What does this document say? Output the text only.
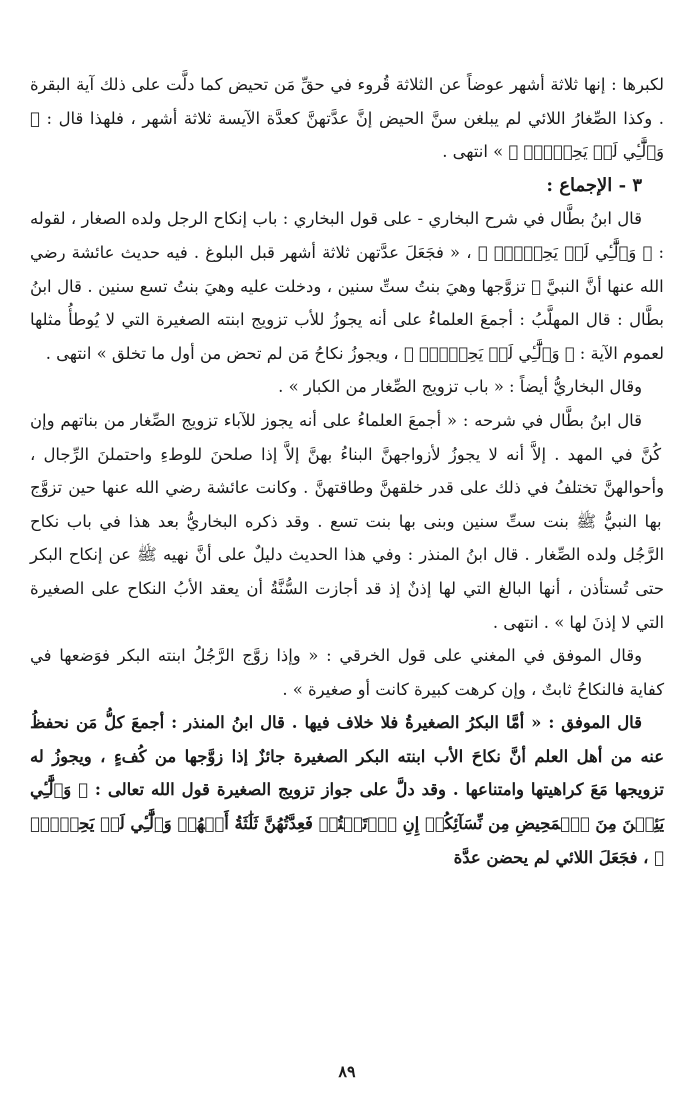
لكبرها : إنها ثلاثة أشهر عوضاً عن الثلاثة قُروء في حقِّ مَن تحيض كما دلَّت على ذلك آية البقرة . وكذا الصِّغارُ اللائي لم يبلغن سنَّ الحيض إنَّ عدَّتهنَّ كعدَّة الآيسة ثلاثة أشهر ، فلهذا قال : ﴿ وَٱلَّٰٓـِٔي لَمۡ يَحِضۡنَۚ ﴾ » انتهى .
٣ - الإجماع :
قال ابنُ بطَّال في شرح البخاري - على قول البخاري : باب إنكاح الرجل ولده الصغار ، لقوله : ﴿ وَٱلَّٰٓـِٔي لَمۡ يَحِضۡنَۚ ﴾ ، « فجَعَلَ عدَّتهن ثلاثة أشهر قبل البلوغ . فيه حديث عائشة رضي الله عنها أنَّ النبيَّ ﷺ تزوَّجها وهيَ بنتُ ستِّ سنين ، ودخلت عليه وهيَ بنتُ تسع سنين . قال ابنُ بطَّال : قال المهلَّبُ : أجمعَ العلماءُ على أنه يجوزُ للأب تزويج ابنته الصغيرة التي لا يُوطأُ مثلها لعموم الآية : ﴿ وَٱلَّٰٓـِٔي لَمۡ يَحِضۡنَۚ ﴾ ، ويجوزُ نكاحُ مَن لم تحض من أول ما تخلق » انتهى .
وقال البخاريُّ أيضاً : « باب تزويج الصِّغار من الكبار » .
قال ابنُ بطَّال في شرحه : « أجمعَ العلماءُ على أنه يجوز للآباء تزويج الصِّغار من بناتهم وإن كُنَّ في المهد . إلاَّ أنه لا يجوزُ لأزواجهنَّ البناءُ بهنَّ إلاَّ إذا صلحنَ للوطءِ واحتملنَ الرِّجال ، وأحوالهنَّ تختلفُ في ذلك على قدر خلقهنَّ وطاقتهنَّ . وكانت عائشة رضي الله عنها حين تزوَّج بها النبيُّ ﷺ بنت ستِّ سنين وبنى بها بنت تسع . وقد ذكره البخاريُّ بعد هذا في باب نكاح الرَّجُل ولده الصِّغار . قال ابنُ المنذر : وفي هذا الحديث دليلٌ على أنَّ نهيه ﷺ عن إنكاح البكر حتى تُستأذن ، أنها البالغ التي لها إذنٌ إذ قد أجازت السُّنَّةُ أن يعقد الأبُ النكاح على الصغيرة التي لا إذنَ لها » . انتهى .
وقال الموفق في المغني على قول الخرقي : « وإذا زوَّج الرَّجُلُ ابنته البكر فوَضعها في كفاية فالنكاحُ ثابتٌ ، وإن كرهت كبيرة كانت أو صغيرة » .
قال الموفق : « أمَّا البكرُ الصغيرةُ فلا خلاف فيها . قال ابنُ المنذر : أجمعَ كلُّ مَن نحفظُ عنه من أهل العلم أنَّ نكاحَ الأب ابنته البكر الصغيرة جائزٌ إذا زوَّجها من كُفءٍ ، ويجوزُ له تزويجها مَعَ كراهيتها وامتناعها . وقد دلَّ على جواز تزويج الصغيرة قول الله تعالى : ﴿ وَٱلَّٰٓـِٔي يَئِسۡنَ مِنَ ٱلۡمَحِيضِ مِن نِّسَآئِكُمۡ إِنِ ٱرۡتَبۡتُمۡ فَعِدَّتُهُنَّ ثَلَٰثَةُ أَشۡهُرٖ وَٱلَّٰٓـِٔي لَمۡ يَحِضۡنَۚ ﴾ ، فجَعَلَ اللائي لم يحضن عدَّة
٨٩
